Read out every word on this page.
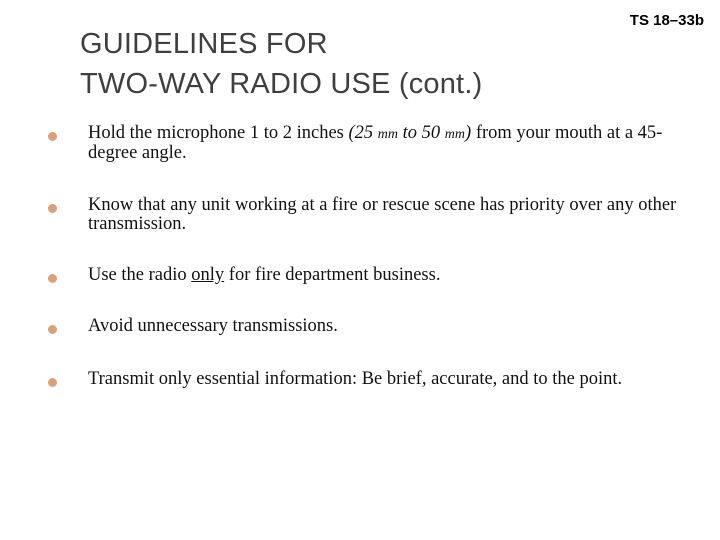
GUIDELINES FOR
TWO-WAY RADIO USE (cont.)
TS 18–33b
Hold the microphone 1 to 2 inches (25 mm to 50 mm) from your mouth at a 45-degree angle.
Know that any unit working at a fire or rescue scene has priority over any other transmission.
Use the radio only for fire department business.
Avoid unnecessary transmissions.
Transmit only essential information: Be brief, accurate, and to the point.
